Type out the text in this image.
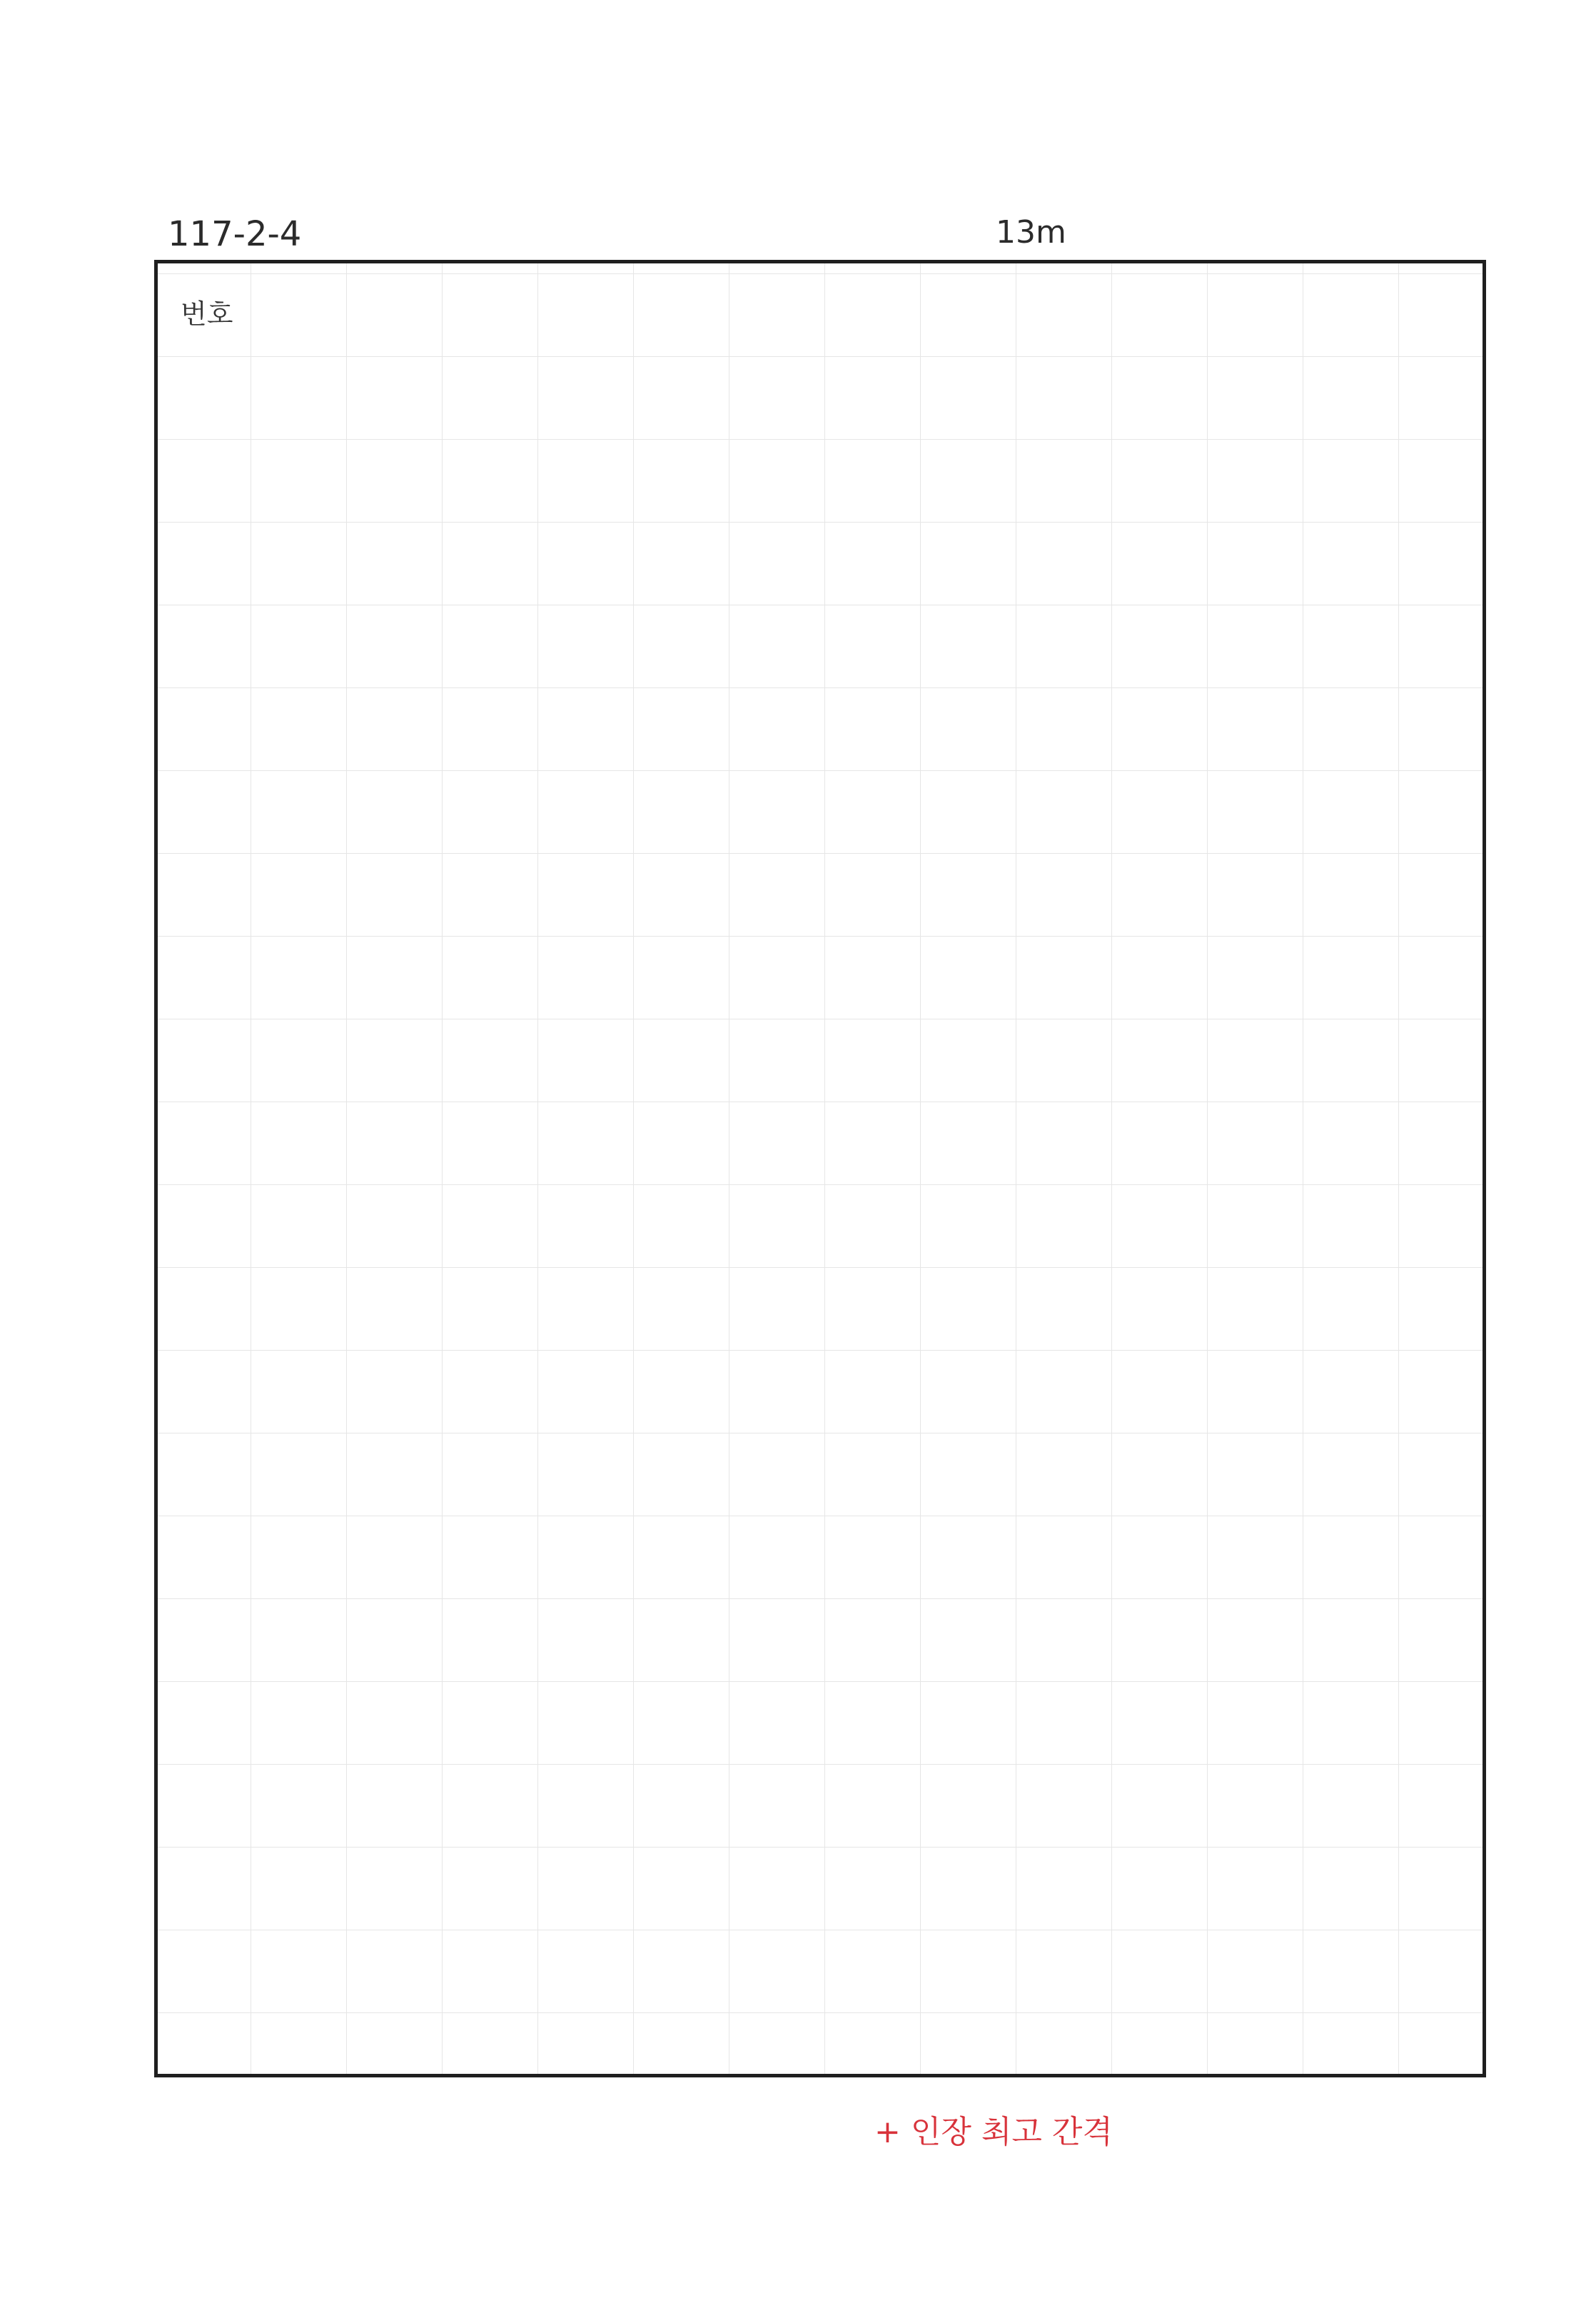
117-2-4	13m
번호
+ 인장 최고 간격
